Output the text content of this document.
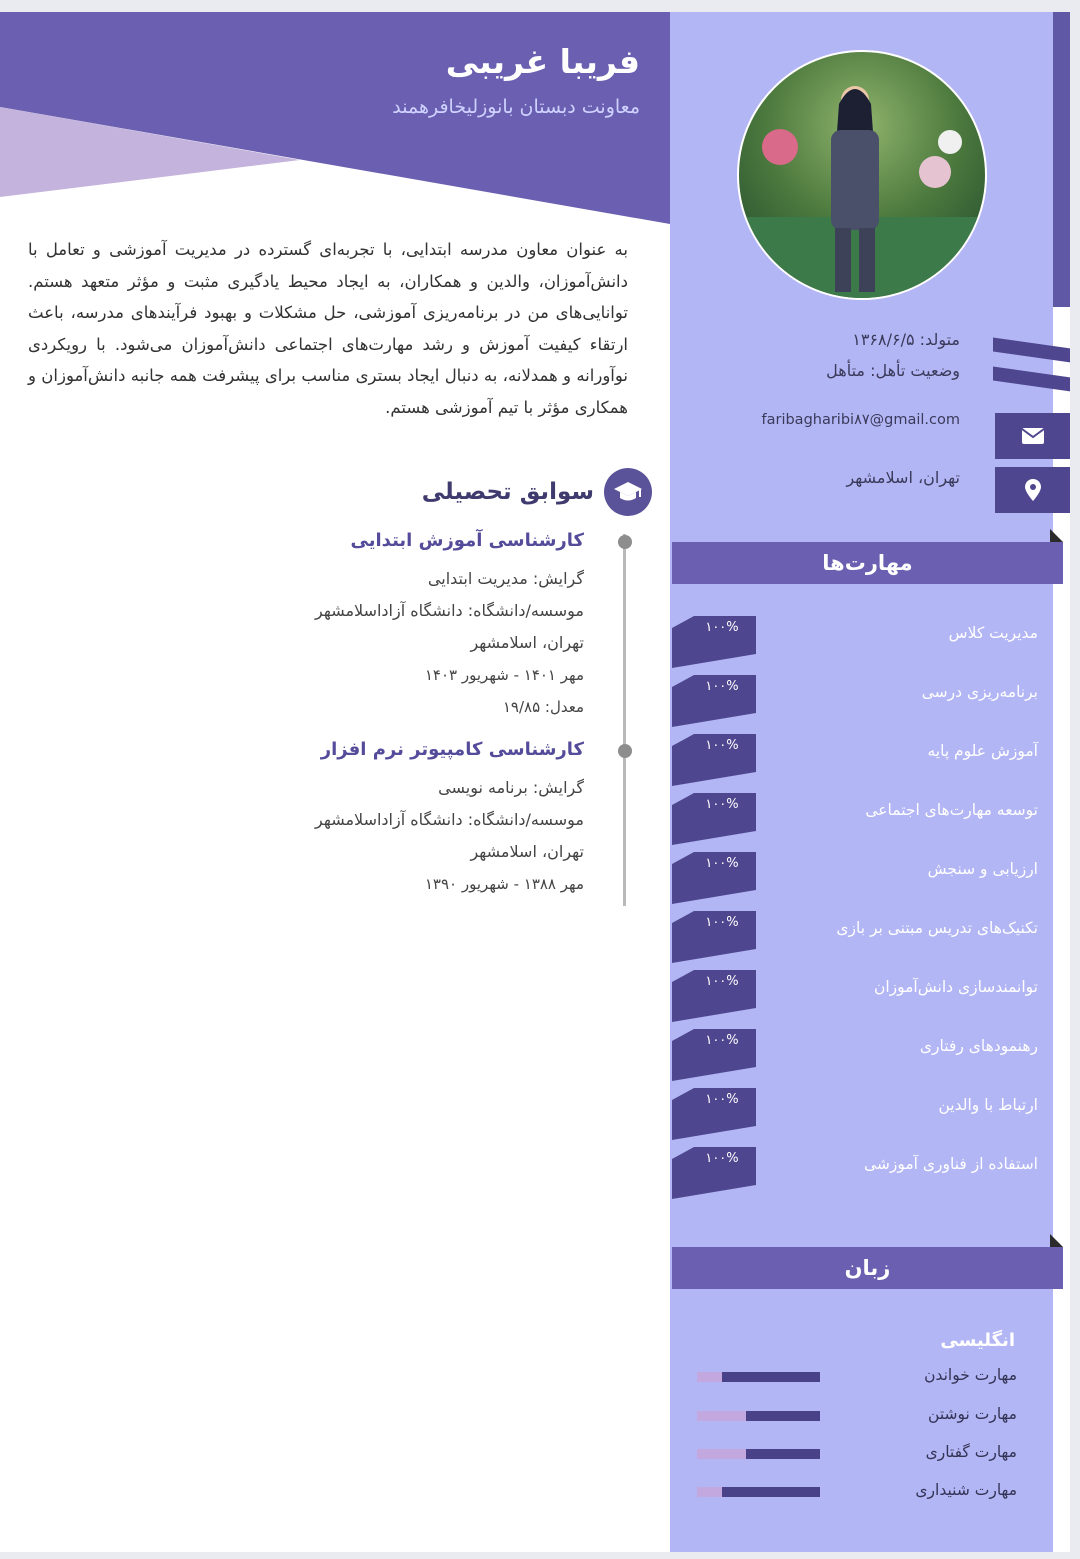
فریبا غریبی
معاونت دبستان بانوزلیخافرهمند

به عنوان معاون مدرسه ابتدایی، با تجربه‌ای گسترده در مدیریت آموزشی و تعامل با دانش‌آموزان، والدین و همکاران، به ایجاد محیط یادگیری مثبت و مؤثر متعهد هستم. توانایی‌های من در برنامه‌ریزی آموزشی، حل مشکلات و بهبود فرآیندهای مدرسه، باعث ارتقاء کیفیت آموزش و رشد مهارت‌های اجتماعی دانش‌آموزان می‌شود. با رویکردی نوآورانه و همدلانه، به دنبال ایجاد بستری مناسب برای پیشرفت همه جانبه دانش‌آموزان و همکاری مؤثر با تیم آموزشی هستم.

سوابق تحصیلی
کارشناسی آموزش ابتدایی
گرایش: مدیریت ابتدایی
موسسه/دانشگاه: دانشگاه آزاداسلامشهر
تهران، اسلامشهر
مهر ۱۴۰۱ - شهریور ۱۴۰۳
معدل: ۱۹/۸۵
کارشناسی کامپیوتر نرم افزار
گرایش: برنامه نویسی
موسسه/دانشگاه: دانشگاه آزاداسلامشهر
تهران، اسلامشهر
مهر ۱۳۸۸ - شهریور ۱۳۹۰
متولد: ۱۳۶۸/۶/۵
وضعیت تأهل: متأهل
faribagharibi۸۷@gmail.com
تهران، اسلامشهر
مهارت‌ها
۱۰۰%	مدیریت کلاس
۱۰۰%	برنامه‌ریزی درسی
۱۰۰%	آموزش علوم پایه
۱۰۰%	توسعه مهارت‌های اجتماعی
۱۰۰%	ارزیابی و سنجش
۱۰۰%	تکنیک‌های تدریس مبتنی بر بازی
۱۰۰%	توانمندسازی دانش‌آموزان
۱۰۰%	رهنمودهای رفتاری
۱۰۰%	ارتباط با والدین
۱۰۰%	استفاده از فناوری آموزشی
زبان
انگلیسی
مهارت خواندن
مهارت نوشتن
مهارت گفتاری
مهارت شنیداری
